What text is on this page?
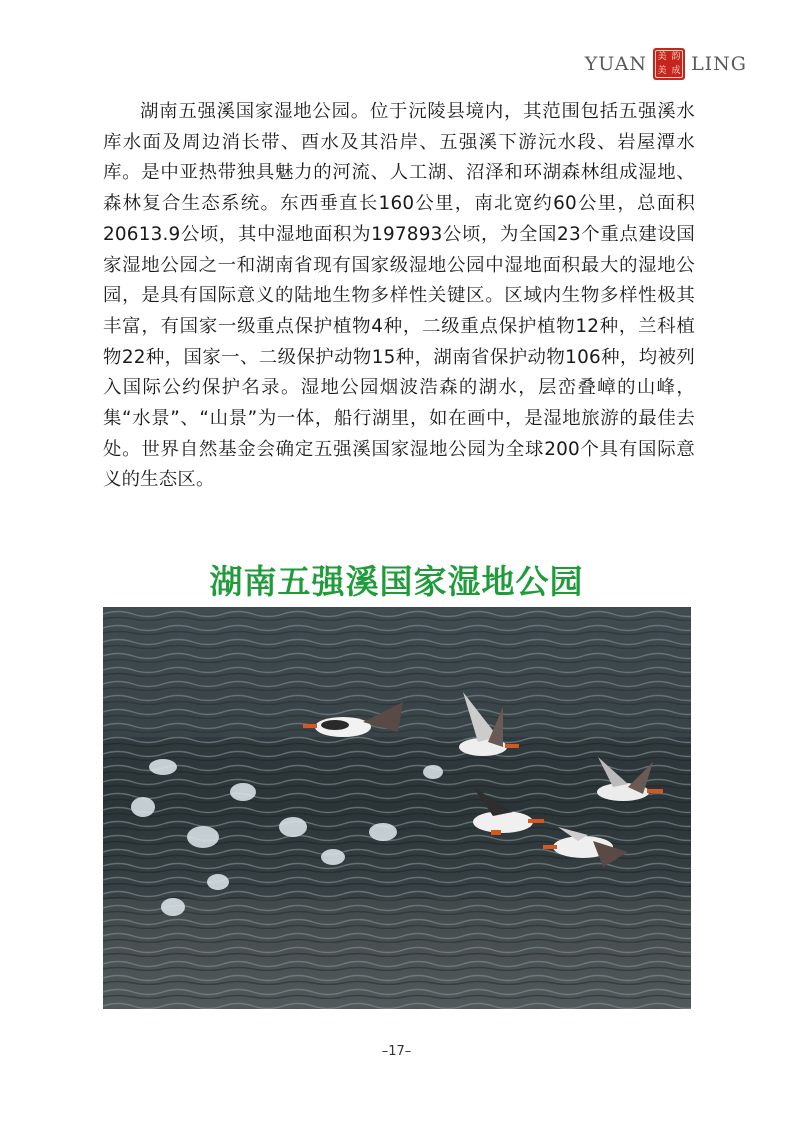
YUAN 美 韵
美 成 LING

湖南五强溪国家湿地公园。位于沅陵县境内，其范围包括五强溪水库水面及周边消长带、酉水及其沿岸、五强溪下游沅水段、岩屋潭水库。是中亚热带独具魅力的河流、人工湖、沼泽和环湖森林组成湿地、森林复合生态系统。东西垂直长160公里，南北宽约60公里，总面积20613.9公顷，其中湿地面积为197893公顷，为全国23个重点建设国家湿地公园之一和湖南省现有国家级湿地公园中湿地面积最大的湿地公园，是具有国际意义的陆地生物多样性关键区。区域内生物多样性极其丰富，有国家一级重点保护植物4种，二级重点保护植物12种，兰科植物22种，国家一、二级保护动物15种，湖南省保护动物106种，均被列入国际公约保护名录。湿地公园烟波浩森的湖水，层峦叠嶂的山峰，集“水景”、“山景”为一体，船行湖里，如在画中，是湿地旅游的最佳去处。世界自然基金会确定五强溪国家湿地公园为全球200个具有国际意义的生态区。

湖南五强溪国家湿地公园
–17–
